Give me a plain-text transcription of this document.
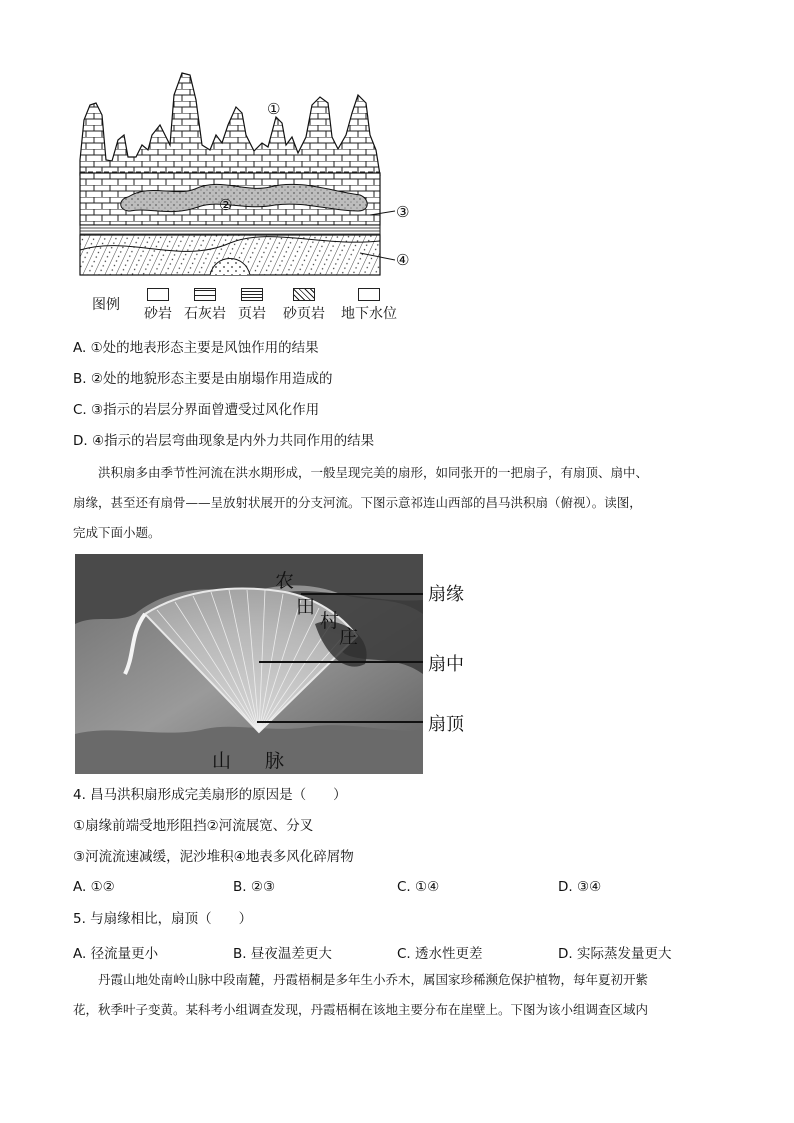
①
②	③
④
图例
砂岩 石灰岩 页岩	砂页岩	地下水位
A. ①处的地表形态主要是风蚀作用的结果
B. ②处的地貌形态主要是由崩塌作用造成的
C. ③指示的岩层分界面曾遭受过风化作用
D. ④指示的岩层弯曲现象是内外力共同作用的结果
洪积扇多由季节性河流在洪水期形成，一般呈现完美的扇形，如同张开的一把扇子，有扇顶、扇中、
扇缘，甚至还有扇骨——呈放射状展开的分支河流。下图示意祁连山西部的昌马洪积扇（俯视）。读图，
完成下面小题。
农
田
村
庄
山 脉
扇缘
扇中
扇顶
4. 昌马洪积扇形成完美扇形的原因是（　　）
①扇缘前端受地形阻挡②河流展宽、分叉
③河流流速减缓，泥沙堆积④地表多风化碎屑物
A. ①②	B. ②③	C. ①④	D. ③④
5. 与扇缘相比，扇顶（　　）
A. 径流量更小	B. 昼夜温差更大	C. 透水性更差	D. 实际蒸发量更大
丹霞山地处南岭山脉中段南麓，丹霞梧桐是多年生小乔木，属国家珍稀濒危保护植物，每年夏初开紫
花，秋季叶子变黄。某科考小组调查发现，丹霞梧桐在该地主要分布在崖壁上。下图为该小组调查区域内
